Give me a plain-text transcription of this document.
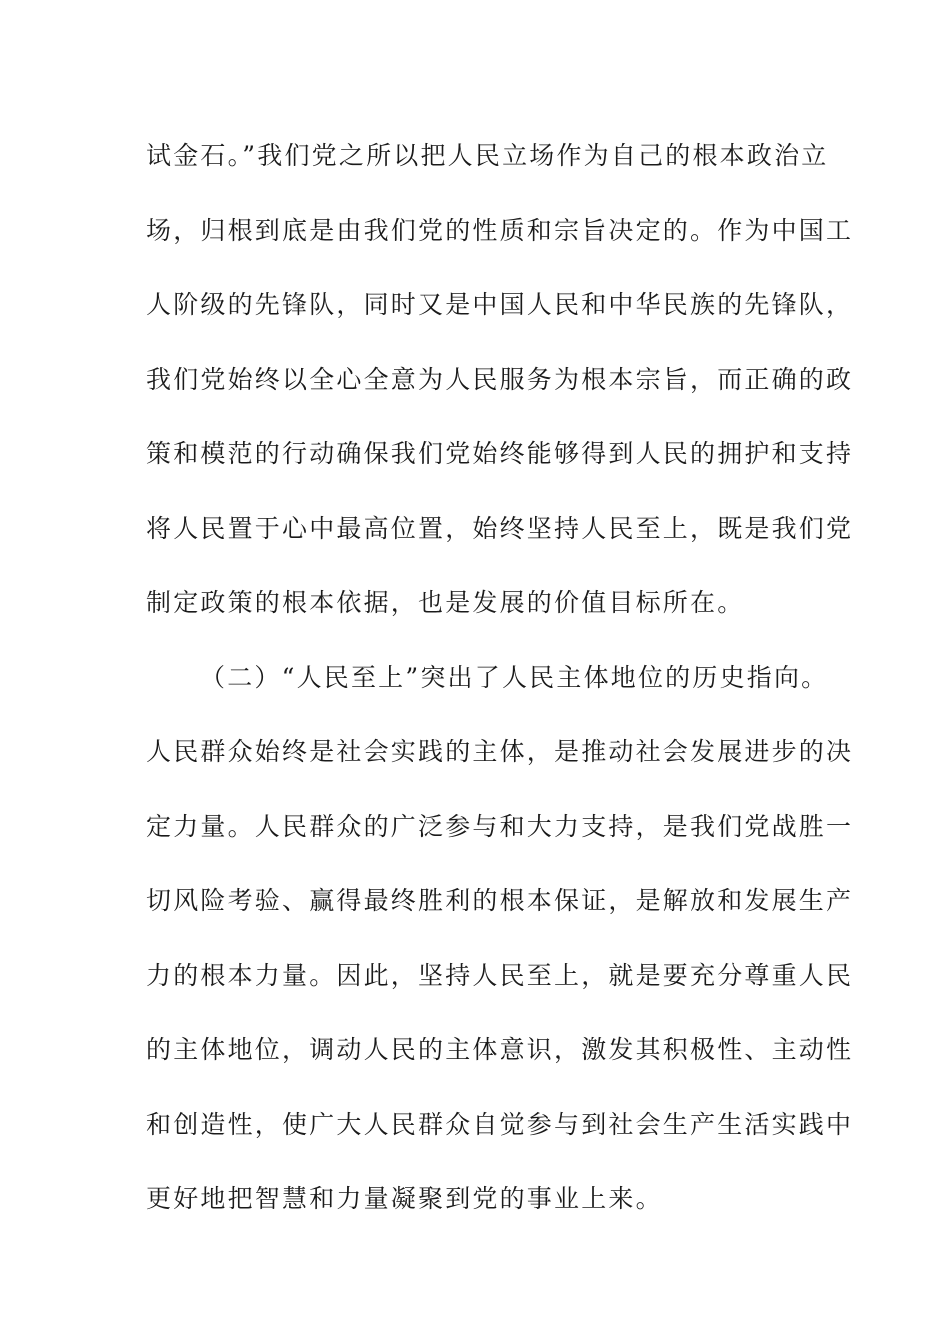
试金石。”我们党之所以把人民立场作为自己的根本政治立
场，归根到底是由我们党的性质和宗旨决定的。作为中国工
人阶级的先锋队，同时又是中国人民和中华民族的先锋队，
我们党始终以全心全意为人民服务为根本宗旨，而正确的政
策和模范的行动确保我们党始终能够得到人民的拥护和支持
将人民置于心中最高位置，始终坚持人民至上，既是我们党
制定政策的根本依据，也是发展的价值目标所在。
（二）“人民至上”突出了人民主体地位的历史指向。
人民群众始终是社会实践的主体，是推动社会发展进步的决
定力量。人民群众的广泛参与和大力支持，是我们党战胜一
切风险考验、赢得最终胜利的根本保证，是解放和发展生产
力的根本力量。因此，坚持人民至上，就是要充分尊重人民
的主体地位，调动人民的主体意识，激发其积极性、主动性
和创造性，使广大人民群众自觉参与到社会生产生活实践中
更好地把智慧和力量凝聚到党的事业上来。
